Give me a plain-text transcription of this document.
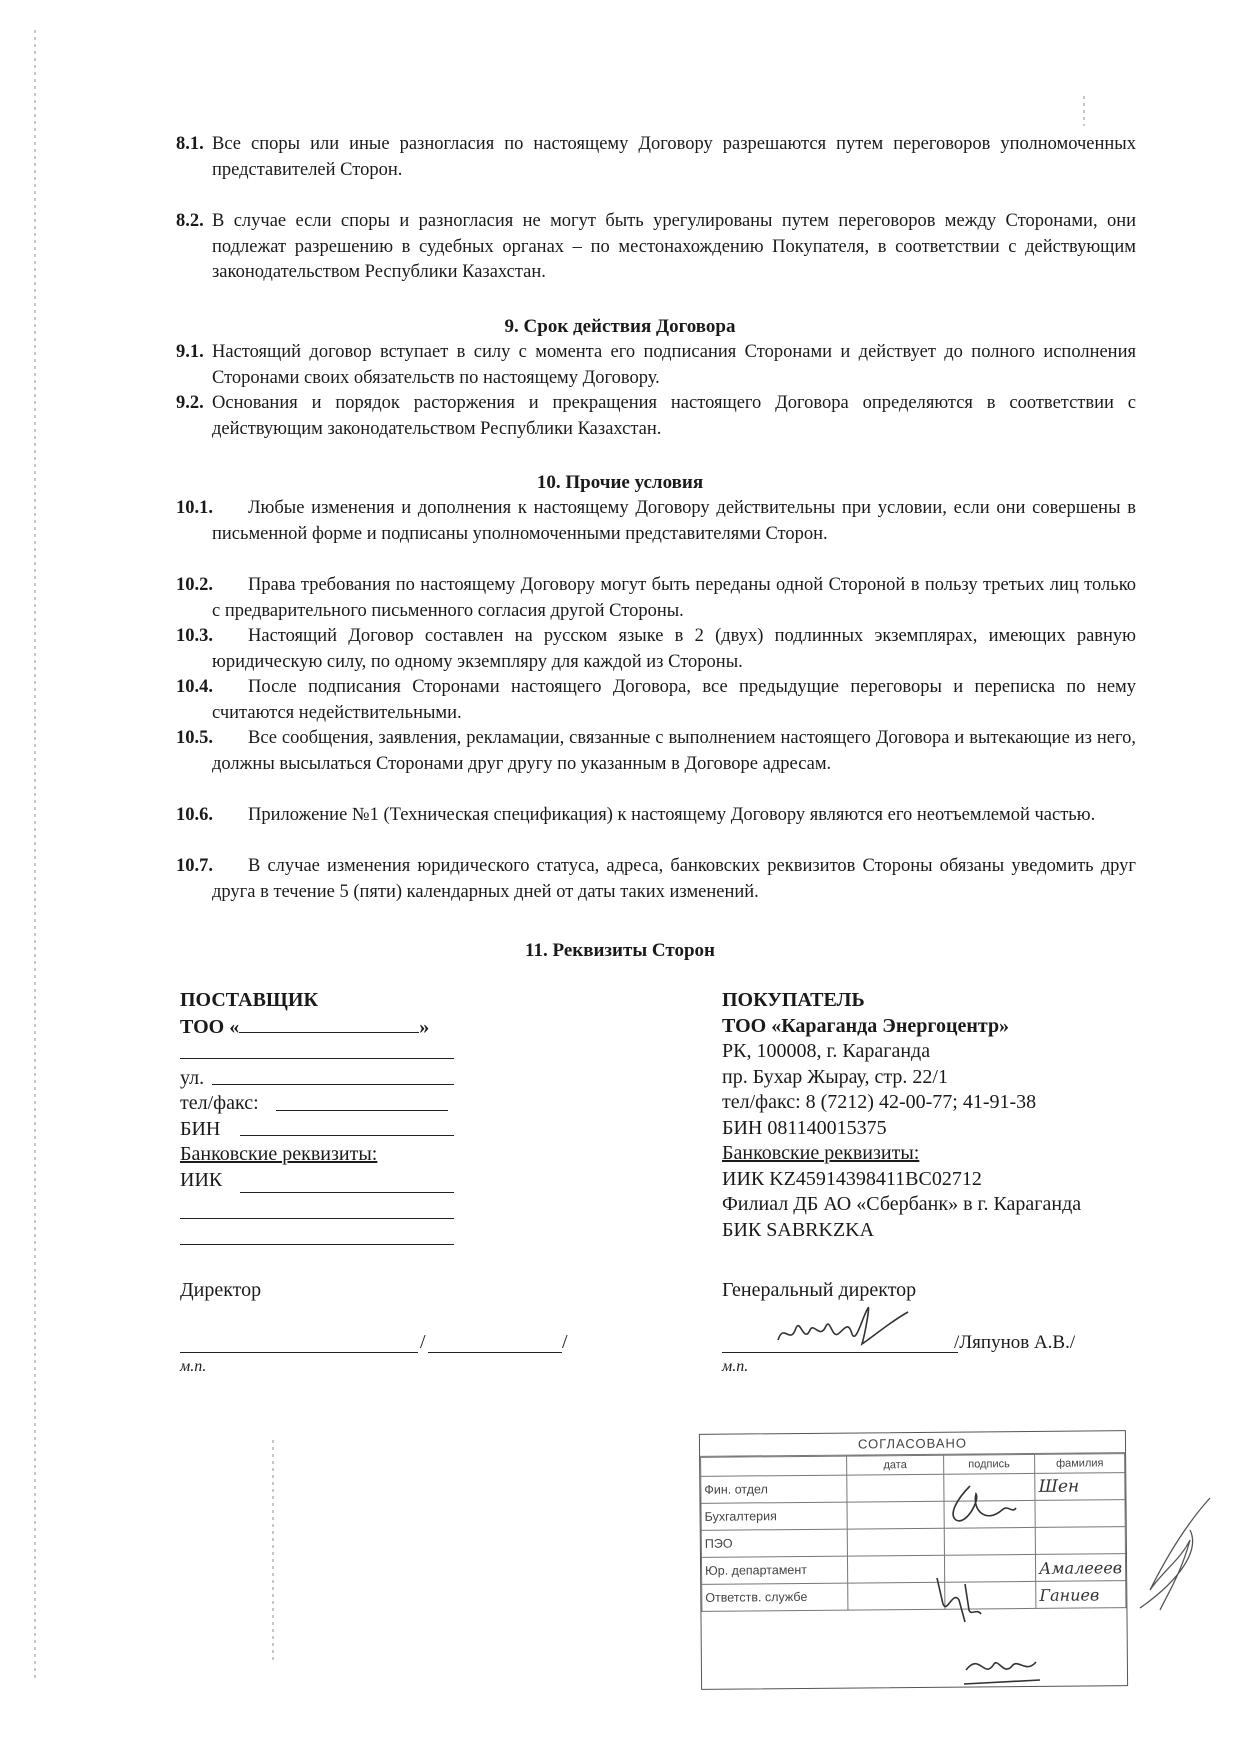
8.1. Все споры или иные разногласия по настоящему Договору разрешаются путем переговоров уполномоченных представителей Сторон.
8.2. В случае если споры и разногласия не могут быть урегулированы путем переговоров между Сторонами, они подлежат разрешению в судебных органах – по местонахождению Покупателя, в соответствии с действующим законодательством Республики Казахстан.
9. Срок действия Договора
9.1. Настоящий договор вступает в силу с момента его подписания Сторонами и действует до полного исполнения Сторонами своих обязательств по настоящему Договору.
9.2. Основания и порядок расторжения и прекращения настоящего Договора определяются в соответствии с действующим законодательством Республики Казахстан.
10. Прочие условия
10.1.	Любые изменения и дополнения к настоящему Договору действительны при условии, если они совершены в письменной форме и подписаны уполномоченными представителями Сторон.
10.2.	Права требования по настоящему Договору могут быть переданы одной Стороной в пользу третьих лиц только с предварительного письменного согласия другой Стороны.
10.3.	Настоящий Договор составлен на русском языке в 2 (двух) подлинных экземплярах, имеющих равную юридическую силу, по одному экземпляру для каждой из Стороны.
10.4.	После подписания Сторонами настоящего Договора, все предыдущие переговоры и переписка по нему считаются недействительными.
10.5.	Все сообщения, заявления, рекламации, связанные с выполнением настоящего Договора и вытекающие из него, должны высылаться Сторонами друг другу по указанным в Договоре адресам.
10.6.	Приложение №1 (Техническая спецификация) к настоящему Договору являются его неотъемлемой частью.
10.7.	В случае изменения юридического статуса, адреса, банковских реквизитов Стороны обязаны уведомить друг друга в течение 5 (пяти) календарных дней от даты таких изменений.
11. Реквизиты Сторон
ПОСТАВЩИК
ТОО «	»
ул.
тел/факс:
БИН
Банковские реквизиты:
ИИК
Директор
/	/
м.п.
ПОКУПАТЕЛЬ
ТОО «Караганда Энергоцентр»
РК, 100008, г. Караганда
пр. Бухар Жырау, стр. 22/1
тел/факс: 8 (7212) 42-00-77; 41-91-38
БИН 081140015375
Банковские реквизиты:
ИИК KZ45914398411BC02712
Филиал ДБ АО «Сбербанк» в г. Караганда
БИК SABRKZKA
Генеральный директор
/Ляпунов А.В./
м.п.
СОГЛАСОВАНО
	дата	подпись	фамилия
Фин. отдел			Шен
Бухгалтерия			
ПЭО			
Юр. департамент			Амалееев
Ответств. службе			Ганиев
